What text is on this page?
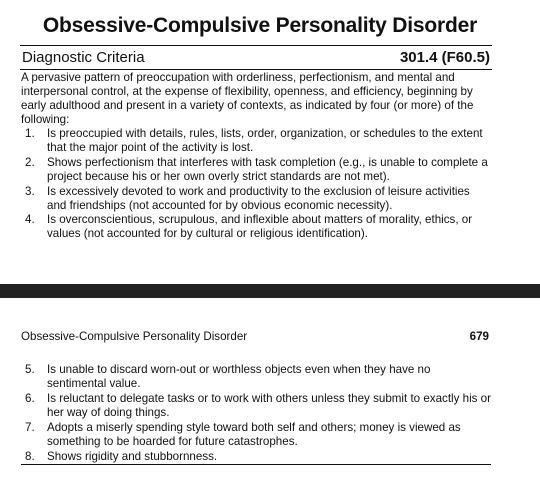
Obsessive-Compulsive Personality Disorder
Diagnostic Criteria	301.4 (F60.5)
A pervasive pattern of preoccupation with orderliness, perfectionism, and mental and interpersonal control, at the expense of flexibility, openness, and efficiency, beginning by early adulthood and present in a variety of contexts, as indicated by four (or more) of the following:
1. Is preoccupied with details, rules, lists, order, organization, or schedules to the extent that the major point of the activity is lost.
2. Shows perfectionism that interferes with task completion (e.g., is unable to complete a project because his or her own overly strict standards are not met).
3. Is excessively devoted to work and productivity to the exclusion of leisure activities and friendships (not accounted for by obvious economic necessity).
4. Is overconscientious, scrupulous, and inflexible about matters of morality, ethics, or values (not accounted for by cultural or religious identification).
Obsessive-Compulsive Personality Disorder	679
5. Is unable to discard worn-out or worthless objects even when they have no sentimental value.
6. Is reluctant to delegate tasks or to work with others unless they submit to exactly his or her way of doing things.
7. Adopts a miserly spending style toward both self and others; money is viewed as something to be hoarded for future catastrophes.
8. Shows rigidity and stubbornness.
